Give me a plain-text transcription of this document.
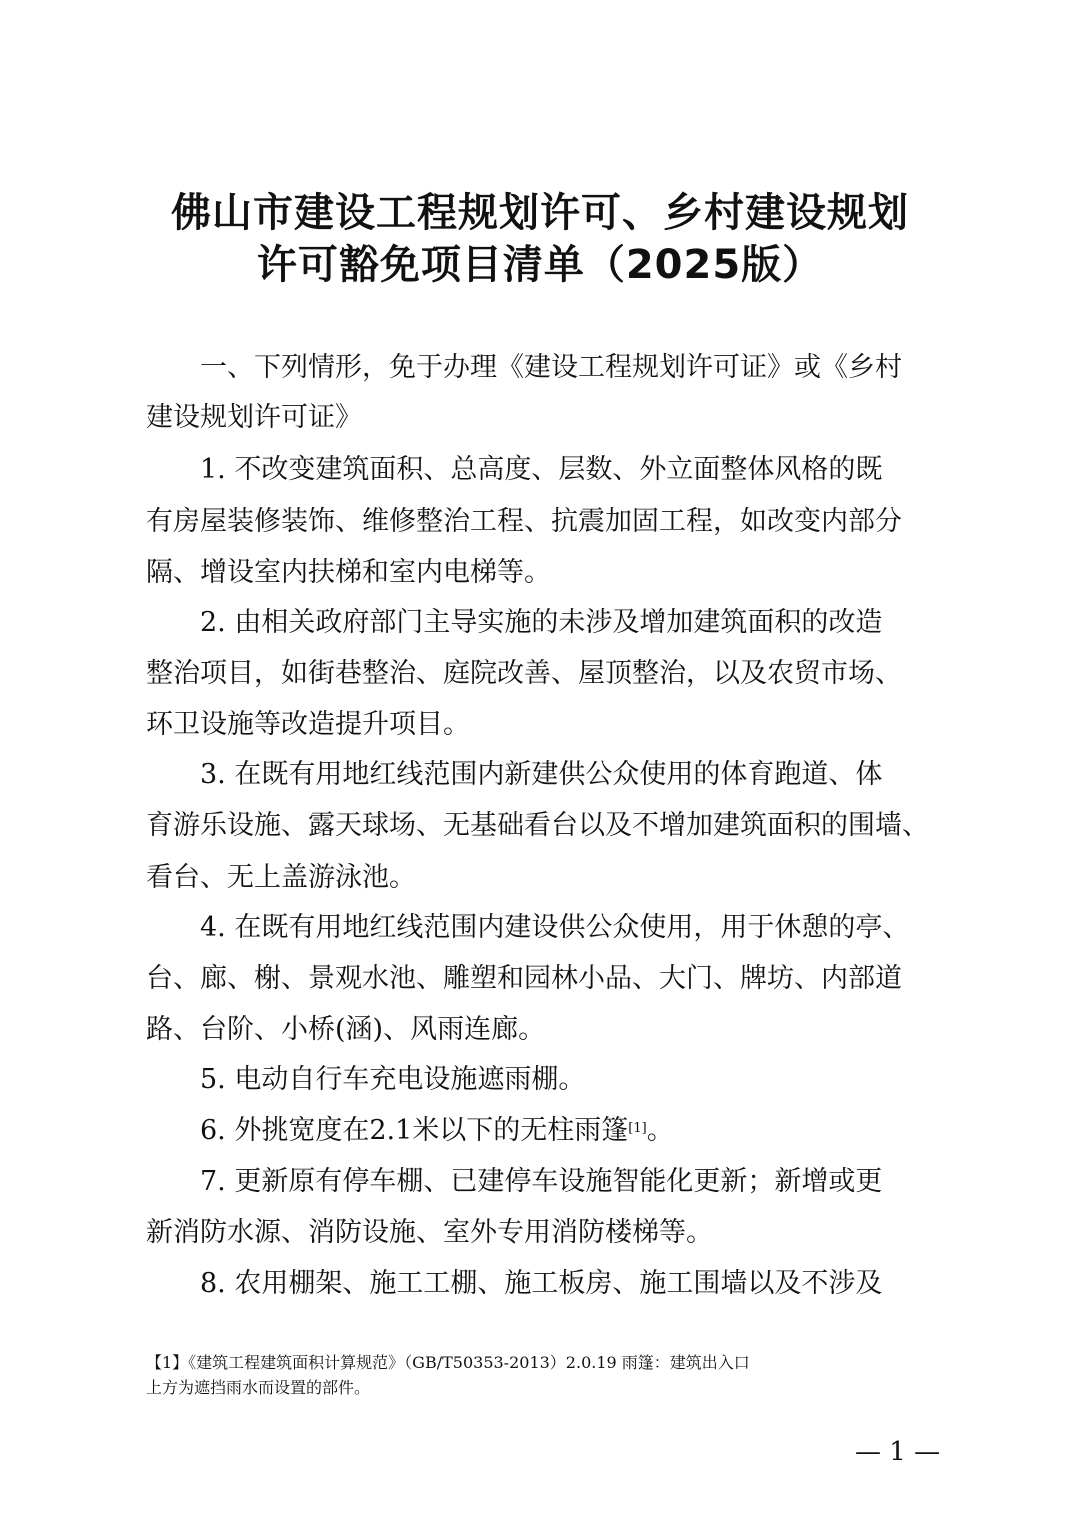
佛山市建设工程规划许可、乡村建设规划
许可豁免项目清单（2025版）
一、下列情形，免于办理《建设工程规划许可证》或《乡村
建设规划许可证》
1. 不改变建筑面积、总高度、层数、外立面整体风格的既
有房屋装修装饰、维修整治工程、抗震加固工程，如改变内部分
隔、增设室内扶梯和室内电梯等。
2. 由相关政府部门主导实施的未涉及增加建筑面积的改造
整治项目，如街巷整治、庭院改善、屋顶整治，以及农贸市场、
环卫设施等改造提升项目。
3. 在既有用地红线范围内新建供公众使用的体育跑道、体
育游乐设施、露天球场、无基础看台以及不增加建筑面积的围墙、
看台、无上盖游泳池。
4. 在既有用地红线范围内建设供公众使用，用于休憩的亭、
台、廊、榭、景观水池、雕塑和园林小品、大门、牌坊、内部道
路、台阶、小桥(涵)、风雨连廊。
5. 电动自行车充电设施遮雨棚。
6. 外挑宽度在2.1米以下的无柱雨篷[1]。
7. 更新原有停车棚、已建停车设施智能化更新；新增或更
新消防水源、消防设施、室外专用消防楼梯等。
8. 农用棚架、施工工棚、施工板房、施工围墙以及不涉及
【1】《建筑工程建筑面积计算规范》（GB/T50353-2013）2.0.19 雨篷：建筑出入口
上方为遮挡雨水而设置的部件。
— 1 —
